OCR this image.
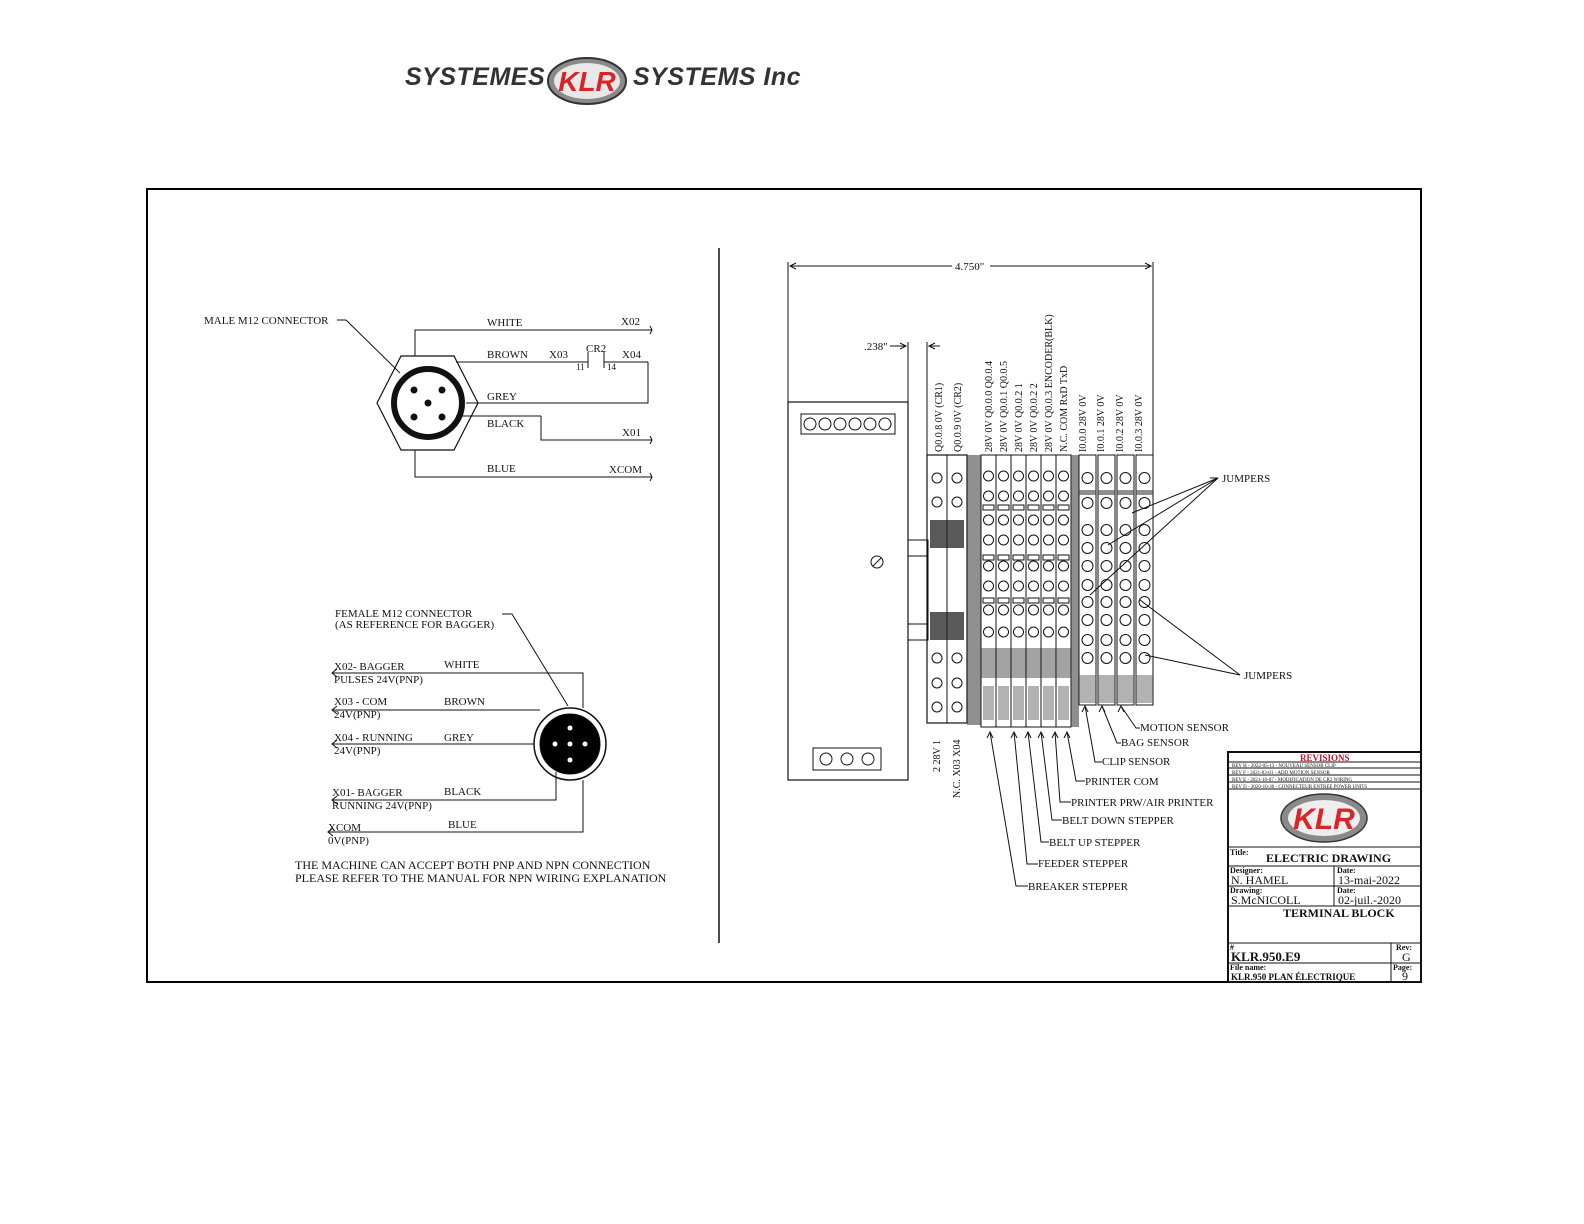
SYSTEMES KLR SYSTEMS Inc
MALE M12 CONNECTOR	WHITE	X02
BROWN X03 CR2
11 14
X04
GREY
BLACK
X01
BLUE	XCOM
FEMALE M12 CONNECTOR
(AS REFERENCE FOR BAGGER)
X02- BAGGER
PULSES 24V(PNP)
WHITE
X03 - COM
24V(PNP)
BROWN
X04 - RUNNING
24V(PNP)
GREY
X01- BAGGER
RUNNING 24V(PNP)
BLACK
XCOM
0V(PNP)
BLUE
THE MACHINE CAN ACCEPT BOTH PNP AND NPN CONNECTION
PLEASE REFER TO THE MANUAL FOR NPN WIRING EXPLANATION
4.750"
.238"
Q0.0.8 0V (CR1) Q0.0.9 0V (CR2) 28V 0V Q0.0.0 Q0.0.4 28V 0V Q0.0.1 Q0.0.5 28V 0V Q0.0.2 1 28V 0V Q0.0.2 2 28V 0V Q0.0.3 ENCODER(BLK) N.C. COM RxD TxD I0.0.0 28V 0V I0.0.1 28V 0V I0.0.2 28V 0V I0.0.3 28V 0V
2 28V 1 N.C. X03 X04
JUMPERS
JUMPERS
MOTION SENSOR
BAG SENSOR
CLIP SENSOR
PRINTER COM
PRINTER PRW/AIR PRINTER
BELT DOWN STEPPER
BELT UP STEPPER
FEEDER STEPPER
BREAKER STEPPER
REVISIONS
REV H - 2022-05-13 - NOUVEAU SENSOR CLIP
REV F - 2021-03-01 - ADD MOTION SENSOR
REV E - 2021-10-07 - MODIFICATION DE CR2 WIRING
REV D - 2020-10-30 - CONNECTEUR ENTREE POWER UNITS
KLR
Title: ELECTRIC DRAWING
Designer:
N. HAMEL
Date:
13-mai-2022
Drawing:
S.McNICOLL
Date:
02-juil.-2020
TERMINAL BLOCK
#
KLR.950.E9
Rev:
G
File name:
KLR.950 PLAN ÉLECTRIQUE
Page:
9
